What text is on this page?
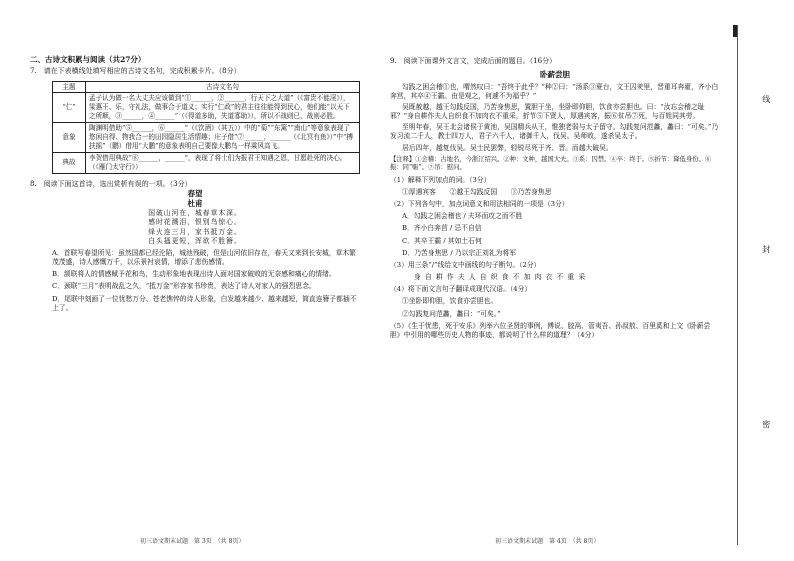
线
封
密
二、古诗文积累与阅读（共27分）
7.　请在下表横线处填写相应的古诗文名句，完成积累卡片。（8分）
主题	古诗文名句
“仁”	孟子认为做一名大丈夫应该做到“①______，②______，行天下之大道”（《富贵不能淫》），梁惠王、乐，守礼法，做事合于道义；实行“仁政”的君主往往能得到民心，他们能“以天下之所顺，③______，④______”（《得道多助，失道寡助》），所以不战则已，战则必胜。
意象	陶渊明借助“⑤______，⑥______”（《饮酒》（其五））中的“菊”“东篱”“南山”等意象表现了悠闲自得、物我合一的田园隐居生活情趣；庄子借“⑦______，______（《北冥有鱼》）”中“搏扶摇”（鹏）借用“大鹏”的意象表明自己要像大鹏鸟一样乘风高飞。
典故	李贺借用典故“⑧______，______”，表现了将士们为报君王知遇之恩，甘愿赴死的决心。（《雁门太守行》）
8.　阅读下面这首诗，选出赏析有误的一项。（3分）
春望
杜甫
国破山河在，城春草木深。
感时花溅泪，恨别鸟惊心。
烽火连三月，家书抵万金。
白头搔更短，浑欲不胜簪。
A．首联写春望所见：虽然国都已经沦陷，城池残破，但是山河依旧存在，春天又来到长安城，草木繁茂茂盛，诗人感慨万千，以乐景衬哀情，增添了悲伤感情。
B．颔联将人的情感赋予花和鸟，生动形象地表现出诗人面对国家破败的无奈感和痛心的情绪。
C．颈联“三月”表明战乱之久，“抵万金”形容家书珍贵，表达了诗人对家人的强烈思念。
D．尾联中刻画了一位忧愁万分、苍老憔悴的诗人形象，白发越来越少、越来越短，简直连簪子都插不上了。
初三语文期末试题　第 3页　（共 8页）
9.　阅读下面课外文言文，完成后面的题目。（16分）
卧薪尝胆
勾践之困会稽①也，喟然叹曰：“吾终于此乎？”种②曰：“汤系③夏台，文王囚羑里，晋重耳奔翟，齐小白奔莒，其卒④王霸。由是观之，何遽不为福乎？”
吴既赦越，越王勾践反国，乃苦身焦思，置胆于坐，坐卧即仰胆，饮食亦尝胆也。曰：“汝忘会稽之耻邪？”身自耕作夫人自织食不加肉衣不重采，折节⑤下贤人，厚遇宾客，振⑥贫吊⑦死，与百姓同其劳。
至明年春，吴王北会诸侯于黄池，吴国精兵从王，惟独老弱与太子留守。勾践复问范蠡，蠡曰：“可矣。”乃发习流二千人，教士四万人，君子六千人，诸御千人，伐吴。吴师败，遂杀吴太子。
居后四年，越复伐吴。吴士民罢弊，轻锐尽死于齐、晋。而越大破吴。
【注释】①会稽：古地名，今浙江绍兴。②种：文种，越国大夫。③系：囚禁。④卒：终于。⑤折节：降低身份。⑥振：同“赈”。⑦吊：慰问。
（1）解释下列加点的词。（3分）
①厚遇宾客　　②越王勾践反国　　③乃苦身焦思
（2）下列各句中，加点词意义和用法相同的一项是（3分）
A．勾践之困会稽也 / 夫环而攻之而不胜
B．齐小白奔莒 / 忌不自信
C．其卒王霸 / 其如土石何
D．乃苦身焦思 / 乃以宗正刘礼为将军
（3）用三条“/”线给文中画线的句子断句。（2分）
身 自 耕 作 夫 人 自 织 食 不 加 肉 衣 不 重 采
（4）将下面文言句子翻译成现代汉语。（4分）
①坐卧即仰胆，饮食亦尝胆也。
②勾践复问范蠡，蠡曰：“可矣。”
（5）《生于忧患，死于安乐》列举六位圣贤的事例，傅说、胶鬲、管夷吾、孙叔敖、百里奚和上文《卧薪尝胆》中引用的哪些历史人物的事迹，都说明了什么样的道理？（4分）
初三语文期末试题　第 4页　（共 8页）
